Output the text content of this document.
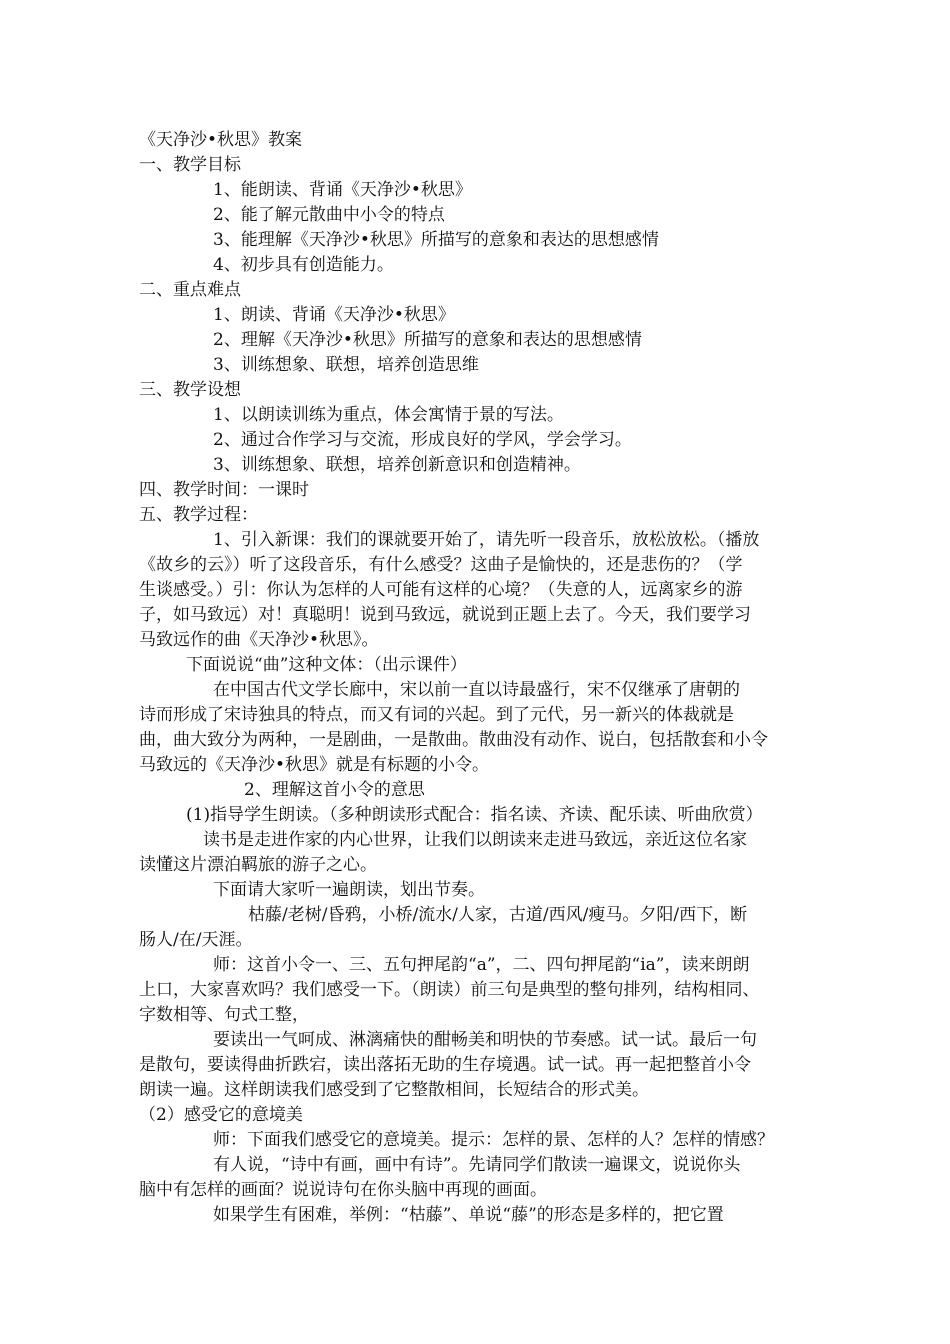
《天净沙•秋思》教案
一、教学目标
1、能朗读、背诵《天净沙•秋思》
2、能了解元散曲中小令的特点
3、能理解《天净沙•秋思》所描写的意象和表达的思想感情
4、初步具有创造能力。
二、重点难点
1、朗读、背诵《天净沙•秋思》
2、理解《天净沙•秋思》所描写的意象和表达的思想感情
3、训练想象、联想，培养创造思维
三、教学设想
1、以朗读训练为重点，体会寓情于景的写法。
2、通过合作学习与交流，形成良好的学风，学会学习。
3、训练想象、联想，培养创新意识和创造精神。
四、教学时间：一课时
五、教学过程：
1、引入新课：我们的课就要开始了，请先听一段音乐，放松放松。（播放
《故乡的云》）听了这段音乐，有什么感受？这曲子是愉快的，还是悲伤的？（学
生谈感受。）引：你认为怎样的人可能有这样的心境？（失意的人，远离家乡的游
子，如马致远）对！真聪明！说到马致远，就说到正题上去了。今天，我们要学习
马致远作的曲《天净沙•秋思》。
下面说说“曲”这种文体：（出示课件）
在中国古代文学长廊中，宋以前一直以诗最盛行，宋不仅继承了唐朝的
诗而形成了宋诗独具的特点，而又有词的兴起。到了元代，另一新兴的体裁就是
曲，曲大致分为两种，一是剧曲，一是散曲。散曲没有动作、说白，包括散套和小令
马致远的《天净沙•秋思》就是有标题的小令。
2、理解这首小令的意思
(1)指导学生朗读。（多种朗读形式配合：指名读、齐读、配乐读、听曲欣赏）
读书是走进作家的内心世界，让我们以朗读来走进马致远，亲近这位名家
读懂这片漂泊羁旅的游子之心。
下面请大家听一遍朗读，划出节奏。
枯藤/老树/昏鸦，小桥/流水/人家，古道/西风/瘦马。夕阳/西下，断
肠人/在/天涯。
师：这首小令一、三、五句押尾韵“a”，二、四句押尾韵“ia”，读来朗朗
上口，大家喜欢吗？我们感受一下。（朗读）前三句是典型的整句排列，结构相同、
字数相等、句式工整，
要读出一气呵成、淋漓痛快的酣畅美和明快的节奏感。试一试。最后一句
是散句，要读得曲折跌宕，读出落拓无助的生存境遇。试一试。再一起把整首小令
朗读一遍。这样朗读我们感受到了它整散相间，长短结合的形式美。
（2）感受它的意境美
师：下面我们感受它的意境美。提示：怎样的景、怎样的人？怎样的情感？
有人说，“诗中有画，画中有诗”。先请同学们散读一遍课文，说说你头
脑中有怎样的画面？说说诗句在你头脑中再现的画面。
如果学生有困难，举例：“枯藤”、单说“藤”的形态是多样的，把它置
